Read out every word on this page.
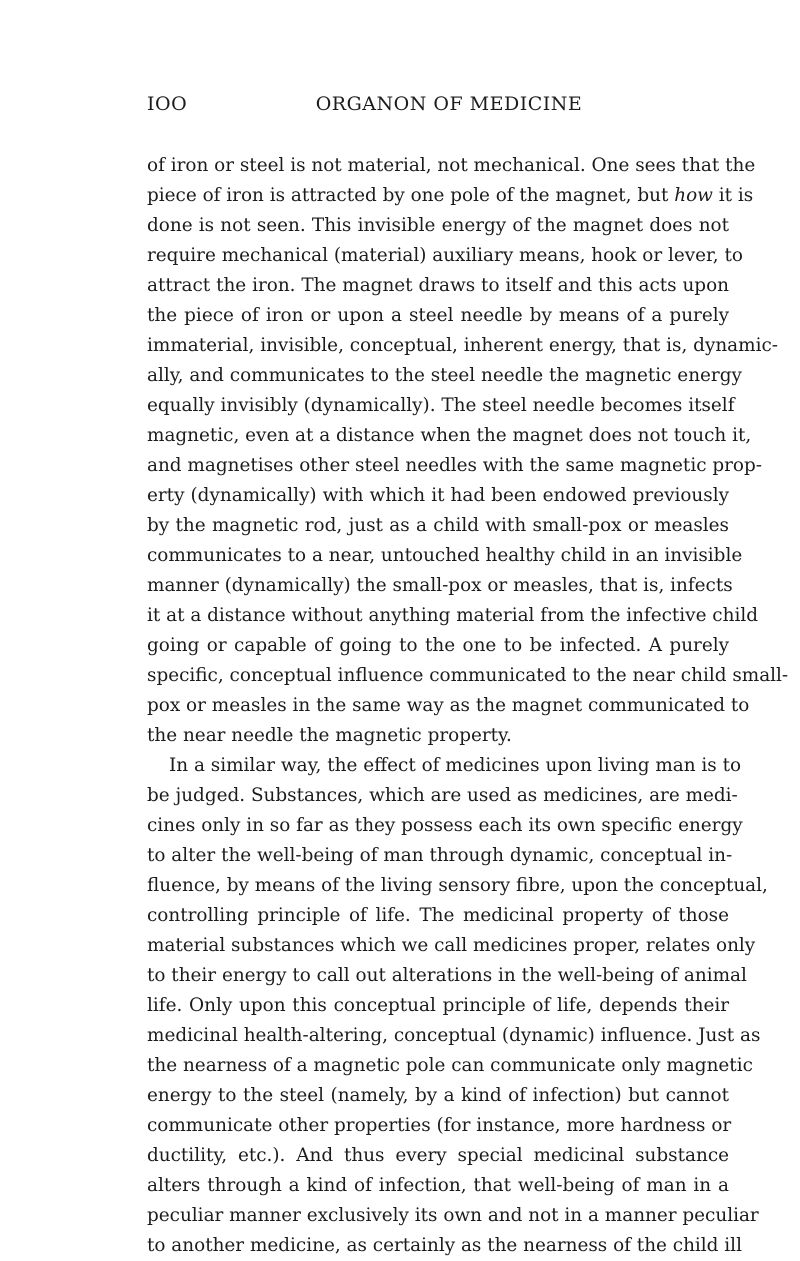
IOO	ORGANON OF MEDICINE
of iron or steel is not material, not mechanical. One sees that the
piece of iron is attracted by one pole of the magnet, but how it is
done is not seen. This invisible energy of the magnet does not
require mechanical (material) auxiliary means, hook or lever, to
attract the iron. The magnet draws to itself and this acts upon
the piece of iron or upon a steel needle by means of a purely
immaterial, invisible, conceptual, inherent energy, that is, dynamic-
ally, and communicates to the steel needle the magnetic energy
equally invisibly (dynamically). The steel needle becomes itself
magnetic, even at a distance when the magnet does not touch it,
and magnetises other steel needles with the same magnetic prop-
erty (dynamically) with which it had been endowed previously
by the magnetic rod, just as a child with small-pox or measles
communicates to a near, untouched healthy child in an invisible
manner (dynamically) the small-pox or measles, that is, infects
it at a distance without anything material from the infective child
going or capable of going to the one to be infected. A purely
specific, conceptual influence communicated to the near child small-
pox or measles in the same way as the magnet communicated to
the near needle the magnetic property.
In a similar way, the effect of medicines upon living man is to
be judged. Substances, which are used as medicines, are medi-
cines only in so far as they possess each its own specific energy
to alter the well-being of man through dynamic, conceptual in-
fluence, by means of the living sensory fibre, upon the conceptual,
controlling principle of life. The medicinal property of those
material substances which we call medicines proper, relates only
to their energy to call out alterations in the well-being of animal
life. Only upon this conceptual principle of life, depends their
medicinal health-altering, conceptual (dynamic) influence. Just as
the nearness of a magnetic pole can communicate only magnetic
energy to the steel (namely, by a kind of infection) but cannot
communicate other properties (for instance, more hardness or
ductility, etc.). And thus every special medicinal substance
alters through a kind of infection, that well-being of man in a
peculiar manner exclusively its own and not in a manner peculiar
to another medicine, as certainly as the nearness of the child ill
